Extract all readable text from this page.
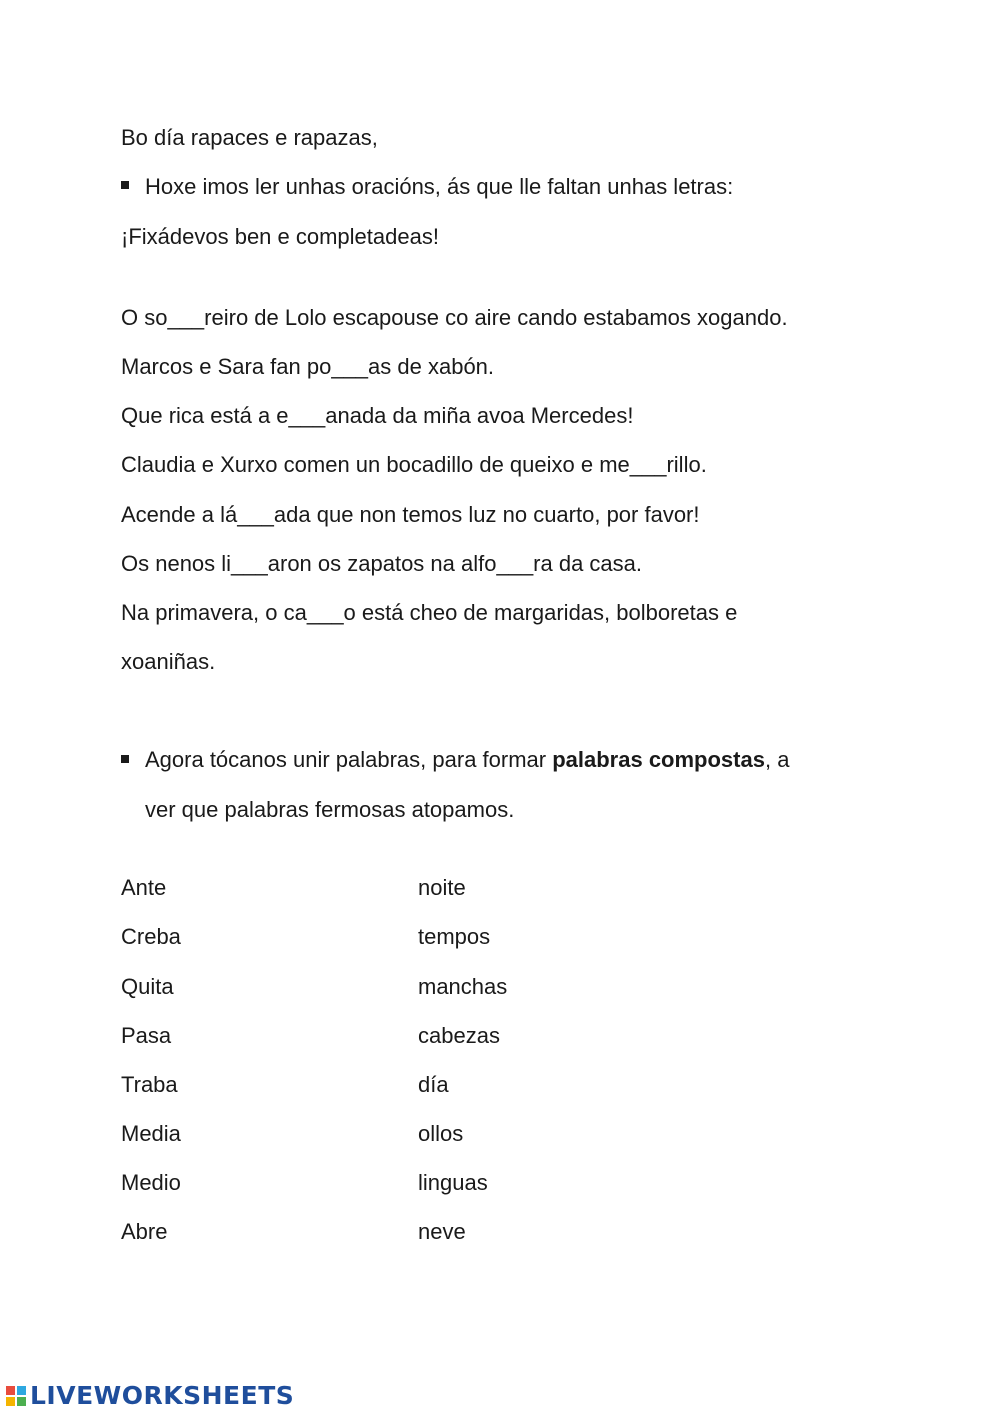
Bo día rapaces e rapazas,
Hoxe imos ler unhas oracións, ás que lle faltan unhas letras:
¡Fixádevos ben e completadeas!
O so___reiro de Lolo escapouse co aire cando estabamos xogando.
Marcos e Sara fan po___as de xabón.
Que rica está a e___anada da miña avoa Mercedes!
Claudia e Xurxo comen un bocadillo de queixo e me___rillo.
Acende a lá___ada que non temos luz no cuarto, por favor!
Os nenos li___aron os zapatos na alfo___ra da casa.
Na primavera, o ca___o está cheo de margaridas, bolboretas e
xoaniñas.
Agora tócanos unir palabras, para formar palabras compostas, a
ver que palabras fermosas atopamos.
Ante	noite
Creba	tempos
Quita	manchas
Pasa	cabezas
Traba	día
Media	ollos
Medio	linguas
Abre	neve
LIVEWORKSHEETS
